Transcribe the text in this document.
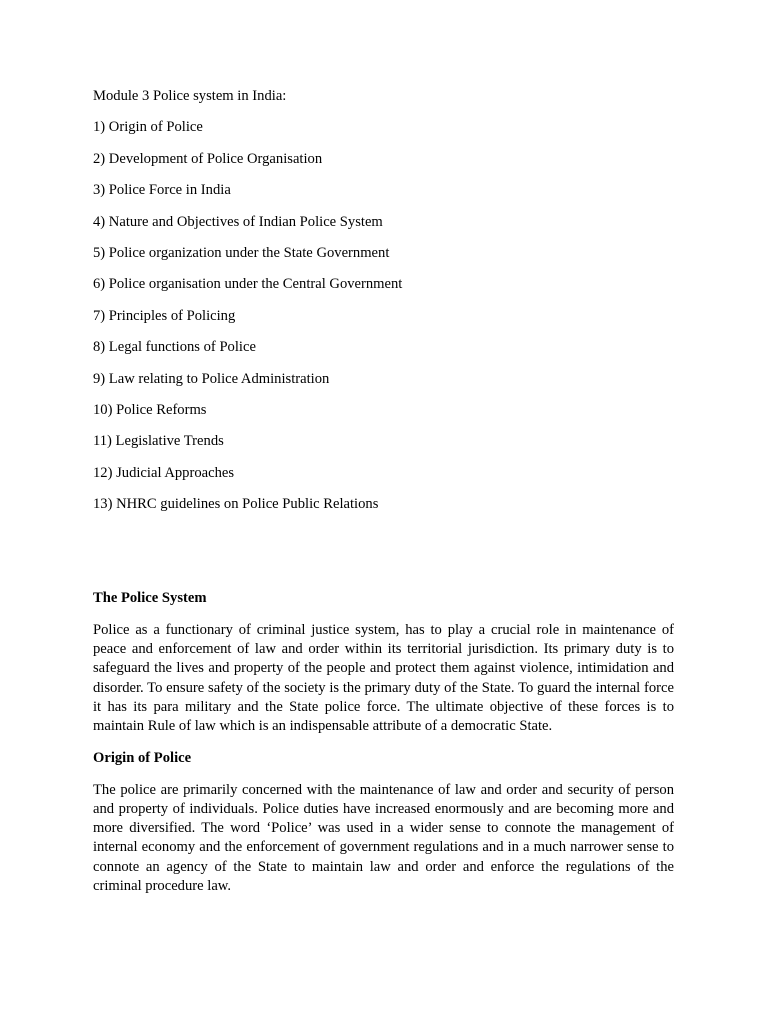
Module 3 Police system in India:

1) Origin of Police
2) Development of Police Organisation
3) Police Force in India
4) Nature and Objectives of Indian Police System
5) Police organization under the State Government
6) Police organisation under the Central Government
7) Principles of Policing
8) Legal functions of Police
9) Law relating to Police Administration
10) Police Reforms
11) Legislative Trends
12) Judicial Approaches
13) NHRC guidelines on Police Public Relations

The Police System

Police as a functionary of criminal justice system, has to play a crucial role in maintenance of peace and enforcement of law and order within its territorial jurisdiction. Its primary duty is to safeguard the lives and property of the people and protect them against violence, intimidation and disorder. To ensure safety of the society is the primary duty of the State. To guard the internal force it has its para military and the State police force. The ultimate objective of these forces is to maintain Rule of law which is an indispensable attribute of a democratic State.

Origin of Police

The police are primarily concerned with the maintenance of law and order and security of person and property of individuals. Police duties have increased enormously and are becoming more and more diversified. The word ‘Police’ was used in a wider sense to connote the management of internal economy and the enforcement of government regulations and in a much narrower sense to connote an agency of the State to maintain law and order and enforce the regulations of the criminal procedure law.
